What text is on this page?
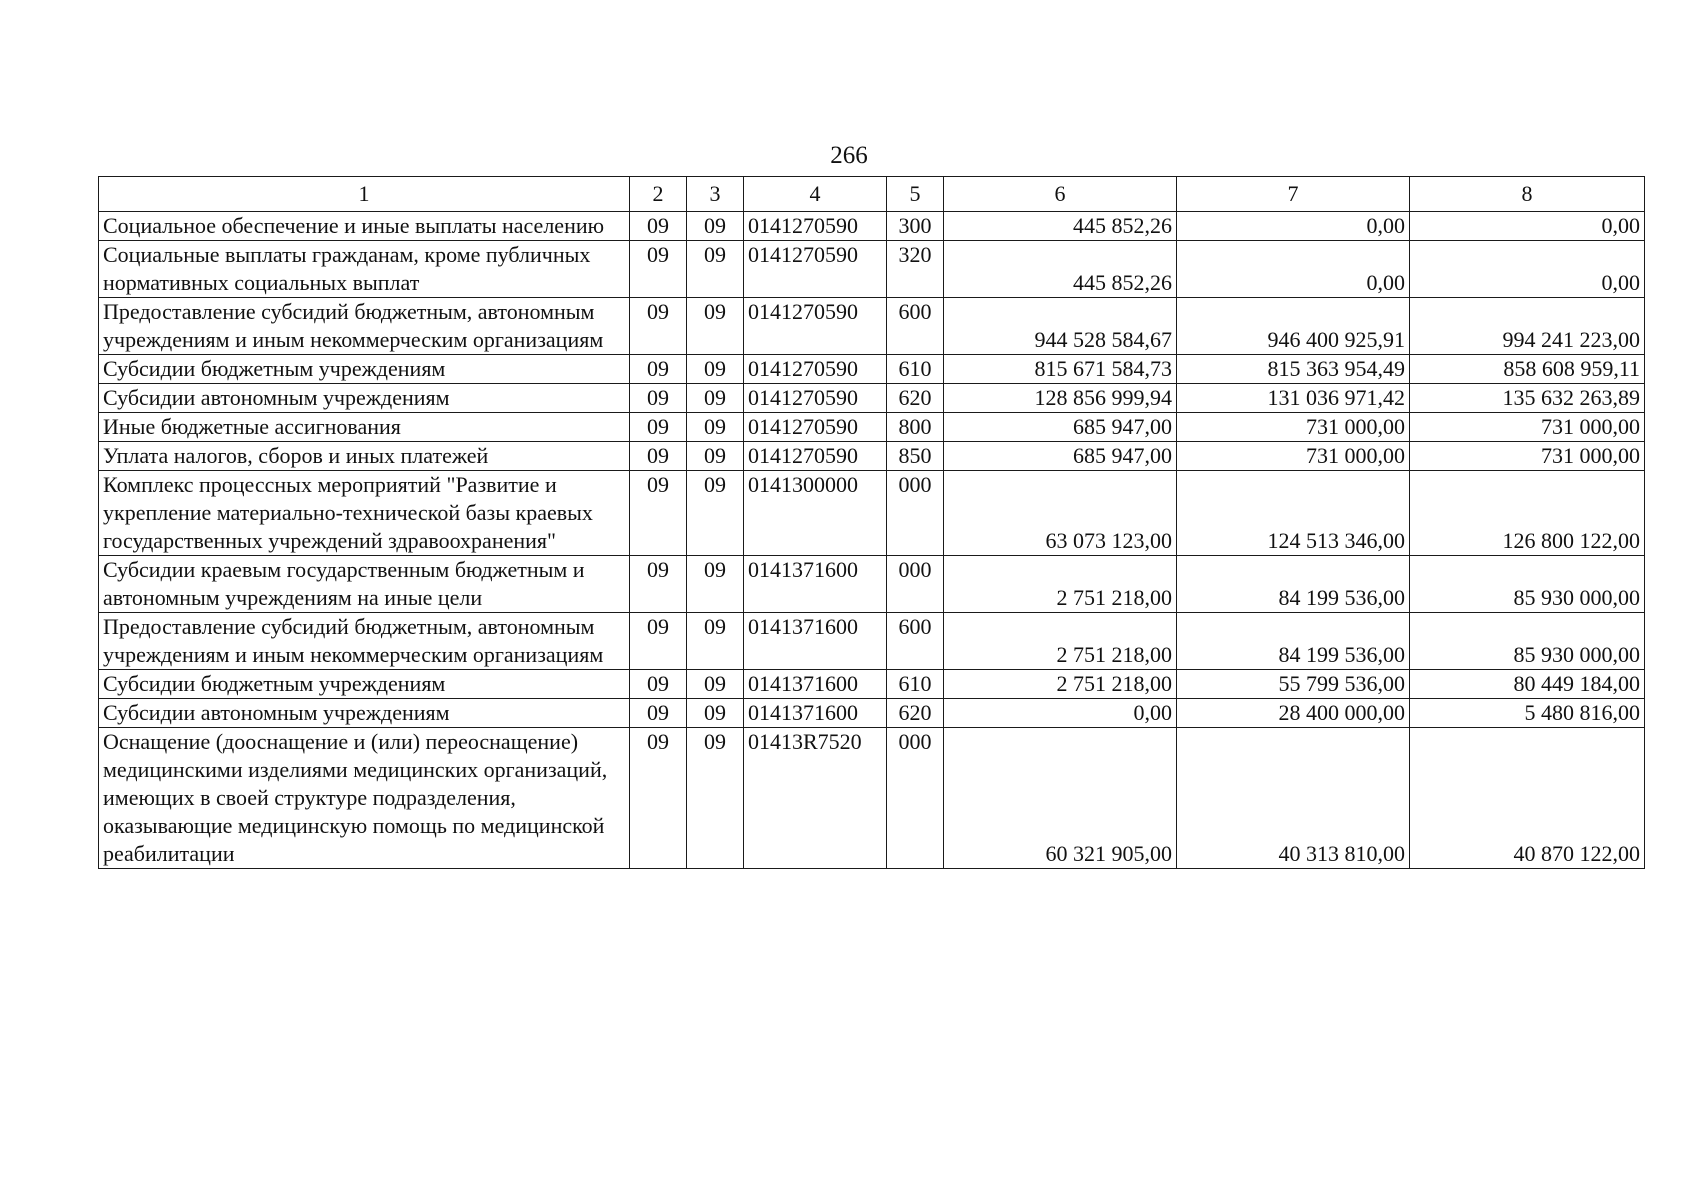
266
1	2	3	4	5	6	7	8
Социальное обеспечение и иные выплаты населению	09	09	0141270590	300	445 852,26	0,00	0,00
Социальные выплаты гражданам, кроме публичных нормативных социальных выплат	09	09	0141270590	320	445 852,26	0,00	0,00
Предоставление субсидий бюджетным, автономным учреждениям и иным некоммерческим организациям	09	09	0141270590	600	944 528 584,67	946 400 925,91	994 241 223,00
Субсидии бюджетным учреждениям	09	09	0141270590	610	815 671 584,73	815 363 954,49	858 608 959,11
Субсидии автономным учреждениям	09	09	0141270590	620	128 856 999,94	131 036 971,42	135 632 263,89
Иные бюджетные ассигнования	09	09	0141270590	800	685 947,00	731 000,00	731 000,00
Уплата налогов, сборов и иных платежей	09	09	0141270590	850	685 947,00	731 000,00	731 000,00
Комплекс процессных мероприятий "Развитие и укрепление материально-технической базы краевых государственных учреждений здравоохранения"	09	09	0141300000	000	63 073 123,00	124 513 346,00	126 800 122,00
Субсидии краевым государственным бюджетным и автономным учреждениям на иные цели	09	09	0141371600	000	2 751 218,00	84 199 536,00	85 930 000,00
Предоставление субсидий бюджетным, автономным учреждениям и иным некоммерческим организациям	09	09	0141371600	600	2 751 218,00	84 199 536,00	85 930 000,00
Субсидии бюджетным учреждениям	09	09	0141371600	610	2 751 218,00	55 799 536,00	80 449 184,00
Субсидии автономным учреждениям	09	09	0141371600	620	0,00	28 400 000,00	5 480 816,00
Оснащение (дооснащение и (или) переоснащение) медицинскими изделиями медицинских организаций, имеющих в своей структуре подразделения, оказывающие медицинскую помощь по медицинской реабилитации	09	09	01413R7520	000	60 321 905,00	40 313 810,00	40 870 122,00
